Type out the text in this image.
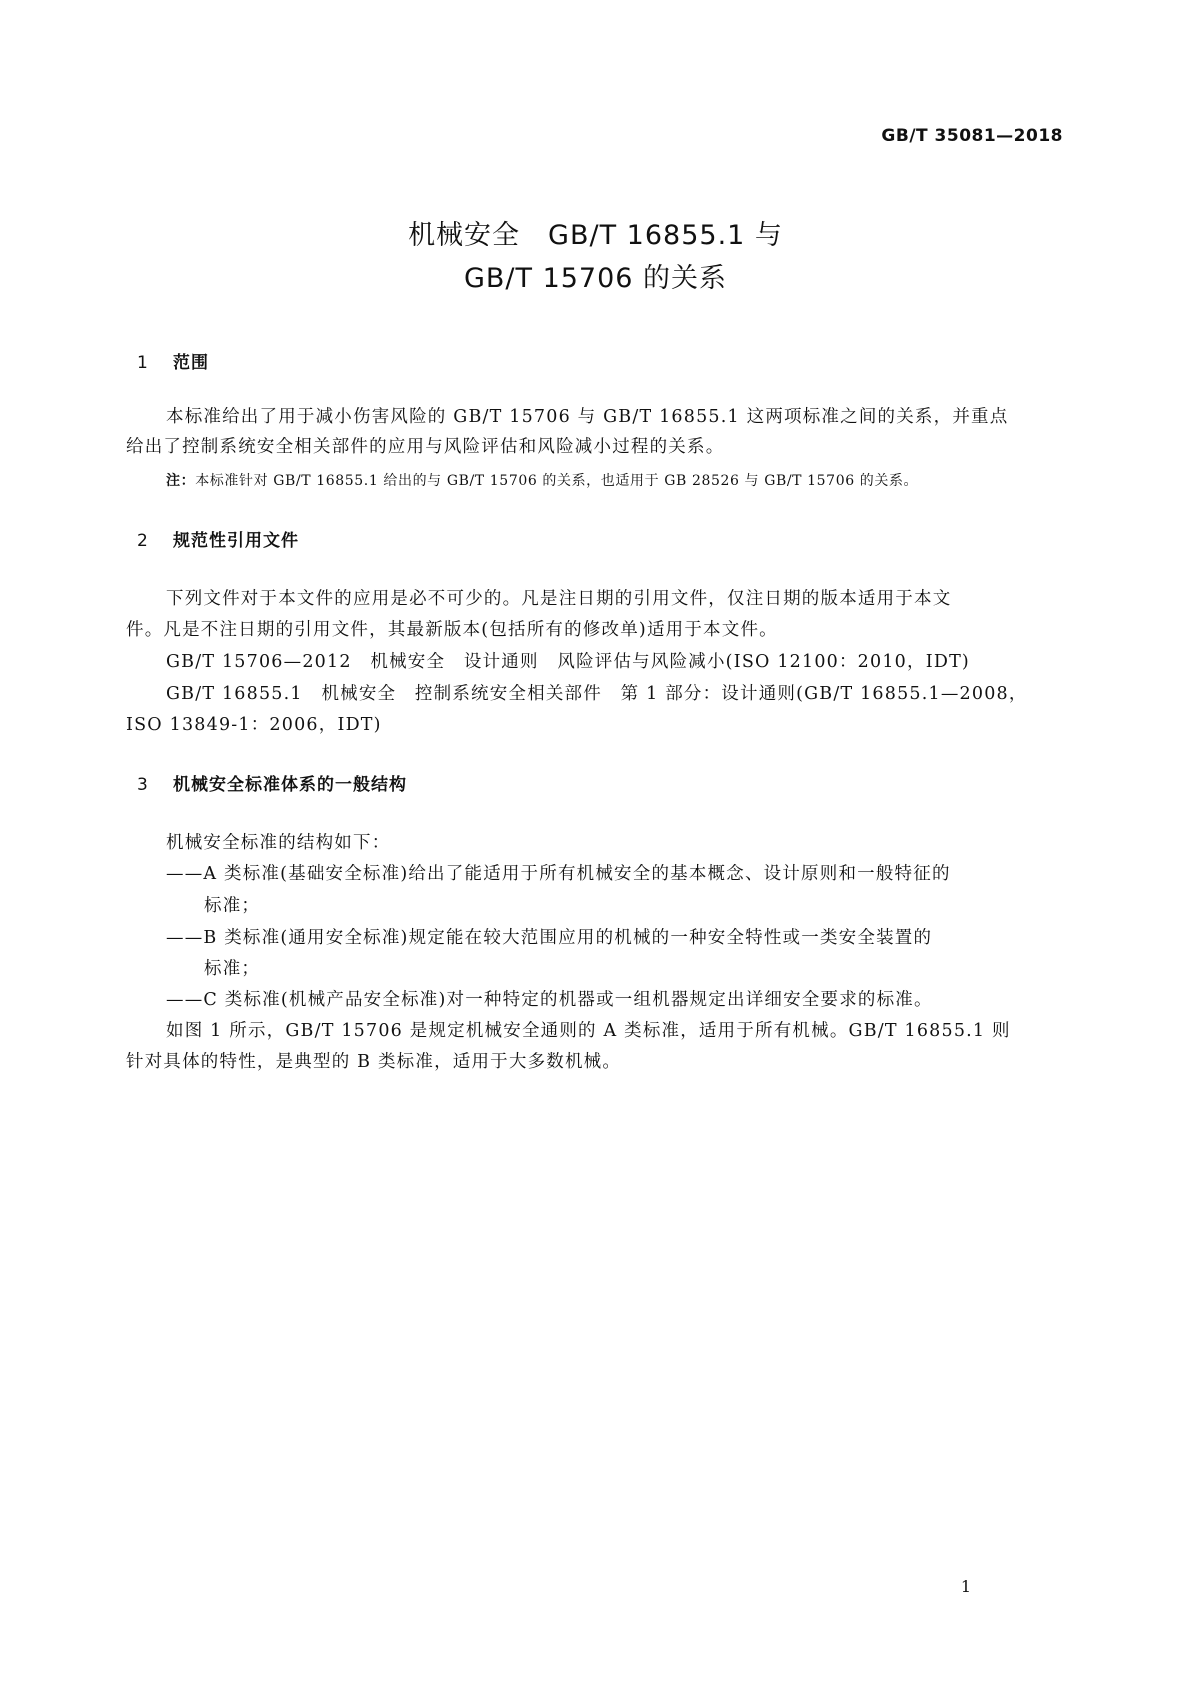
GB/T 35081—2018
机械安全　GB/T 16855.1 与
GB/T 15706 的关系
1 范围
本标准给出了用于减小伤害风险的 GB/T 15706 与 GB/T 16855.1 这两项标准之间的关系，并重点
给出了控制系统安全相关部件的应用与风险评估和风险减小过程的关系。
注：本标准针对 GB/T 16855.1 给出的与 GB/T 15706 的关系，也适用于 GB 28526 与 GB/T 15706 的关系。
2 规范性引用文件
下列文件对于本文件的应用是必不可少的。凡是注日期的引用文件，仅注日期的版本适用于本文
件。凡是不注日期的引用文件，其最新版本(包括所有的修改单)适用于本文件。
GB/T 15706—2012　机械安全　设计通则　风险评估与风险减小(ISO 12100：2010，IDT)
GB/T 16855.1　机械安全　控制系统安全相关部件　第 1 部分：设计通则(GB/T 16855.1—2008，
ISO 13849-1：2006，IDT)
3 机械安全标准体系的一般结构
机械安全标准的结构如下：
——A 类标准(基础安全标准)给出了能适用于所有机械安全的基本概念、设计原则和一般特征的
标准；
——B 类标准(通用安全标准)规定能在较大范围应用的机械的一种安全特性或一类安全装置的
标准；
——C 类标准(机械产品安全标准)对一种特定的机器或一组机器规定出详细安全要求的标准。
如图 1 所示，GB/T 15706 是规定机械安全通则的 A 类标准，适用于所有机械。GB/T 16855.1 则
针对具体的特性，是典型的 B 类标准，适用于大多数机械。
1
